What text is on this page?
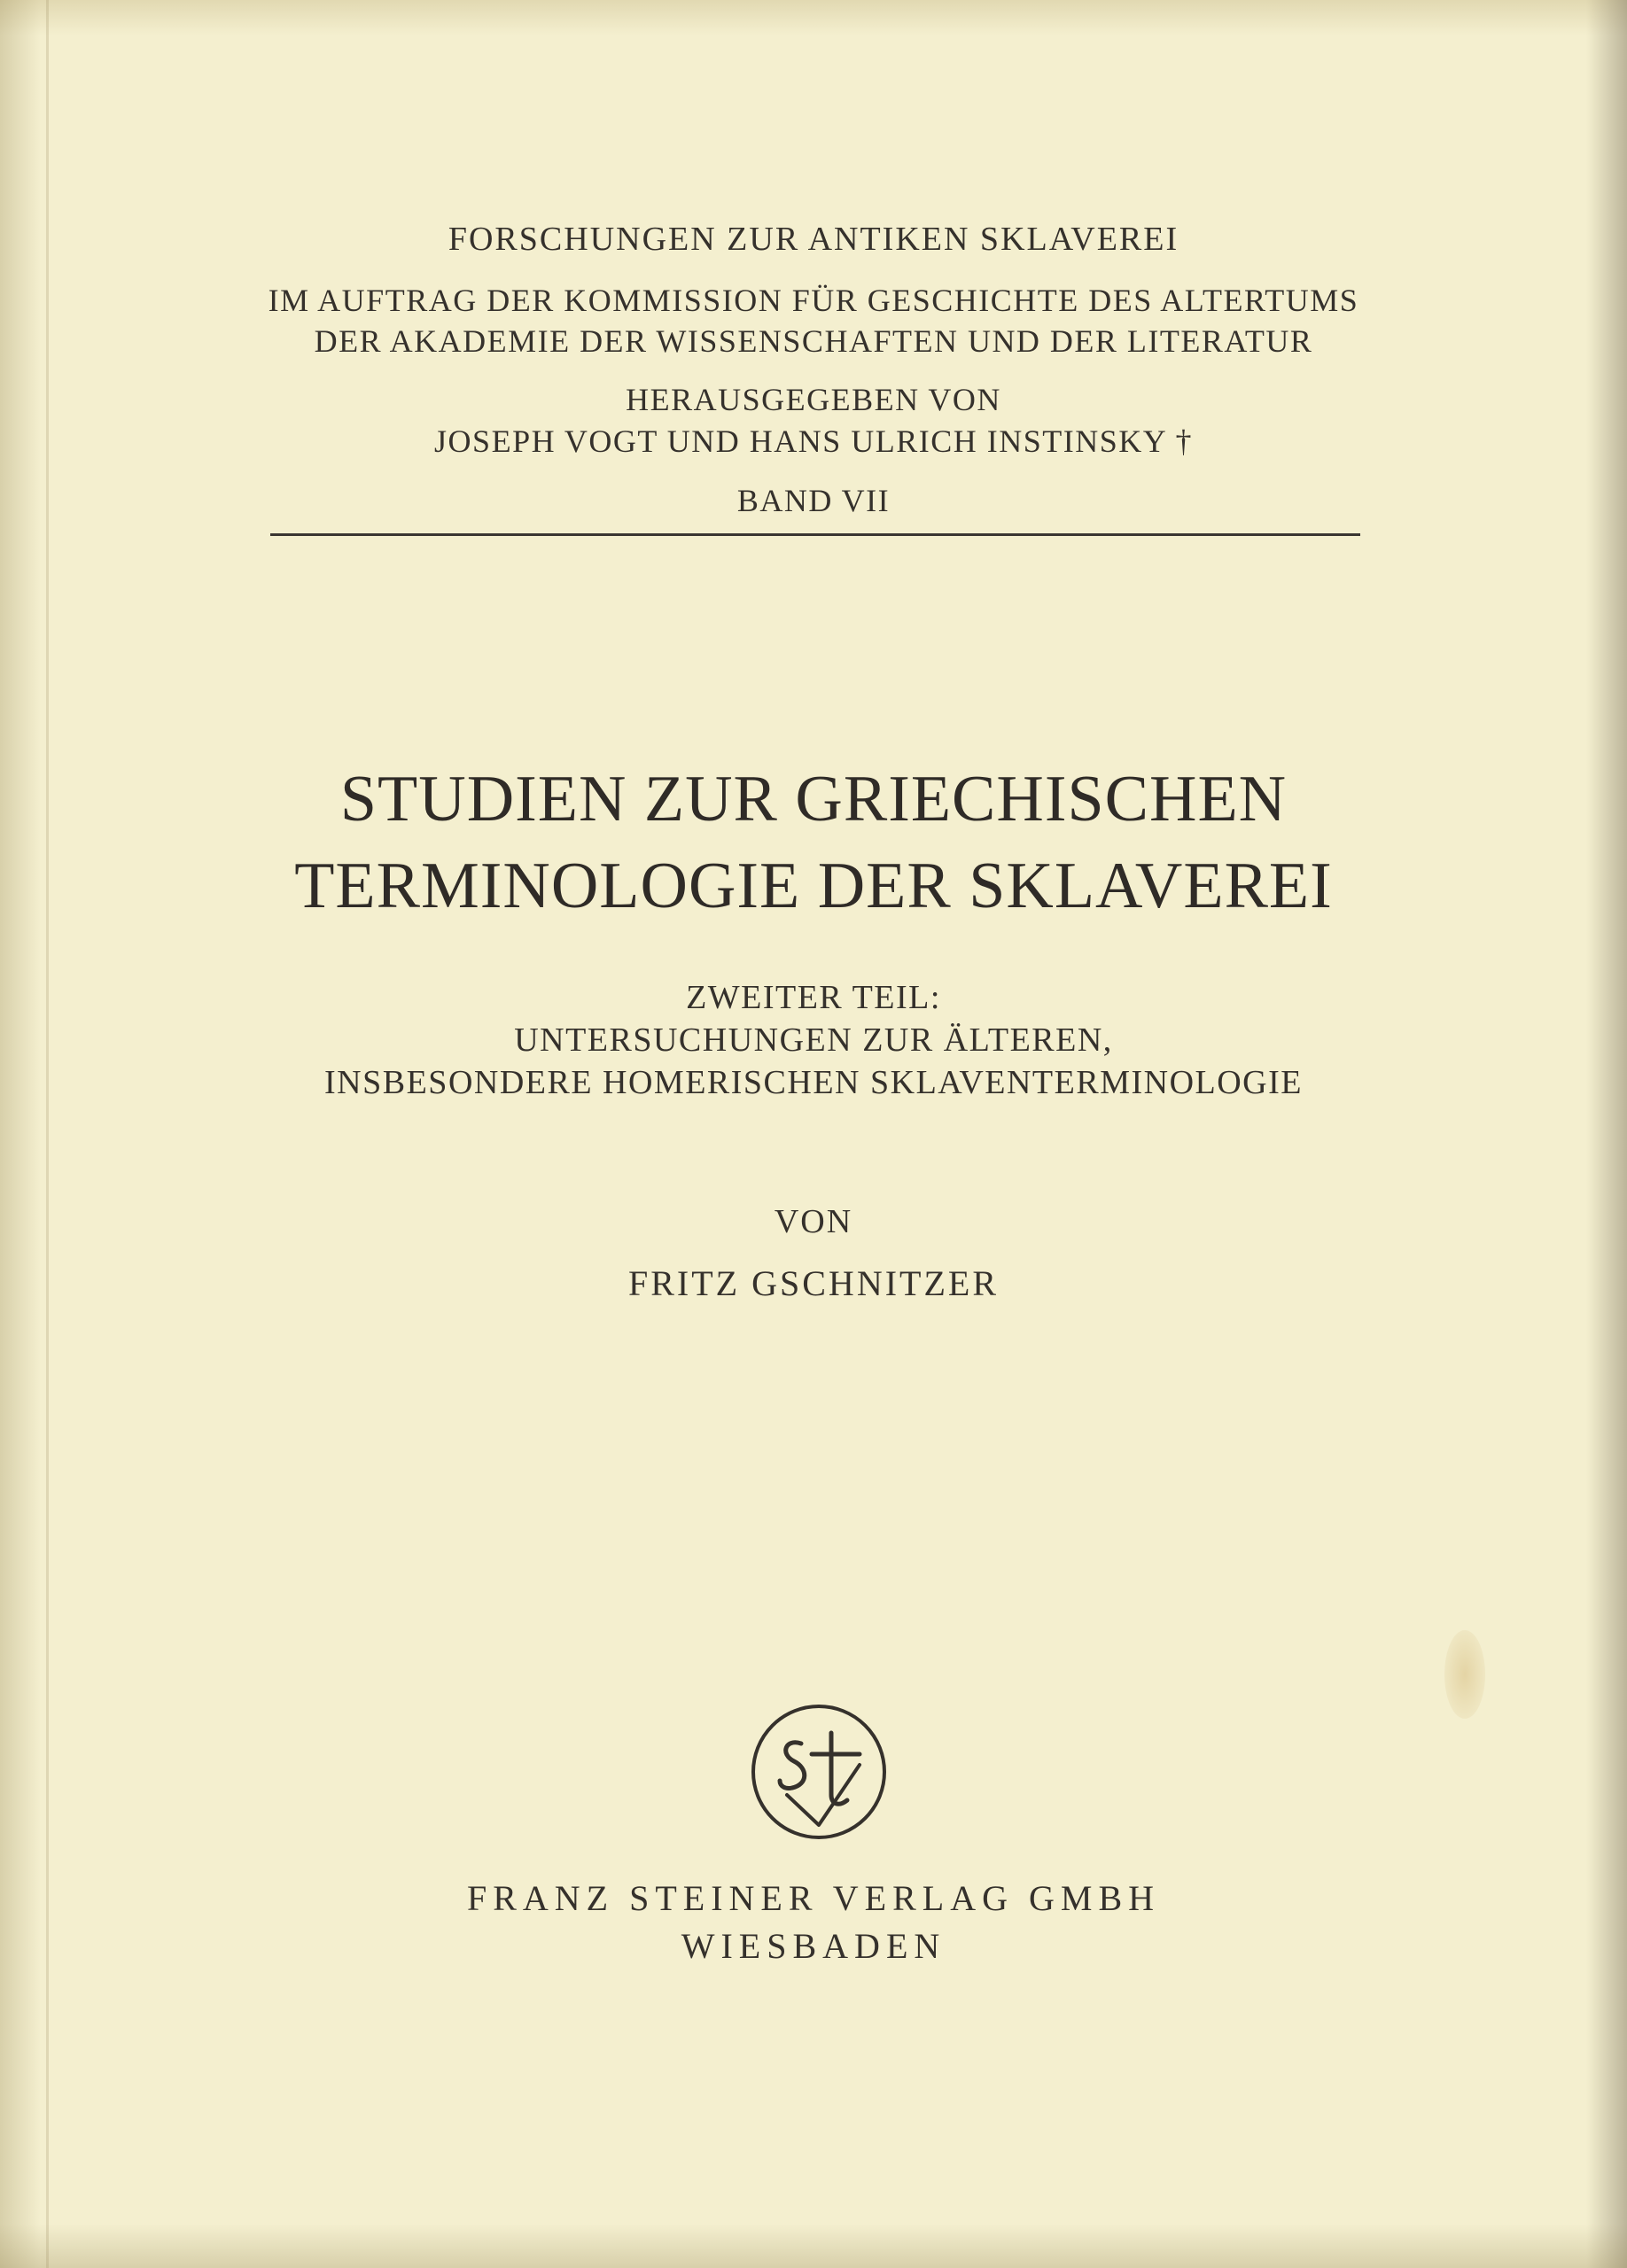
FORSCHUNGEN ZUR ANTIKEN SKLAVEREI

IM AUFTRAG DER KOMMISSION FÜR GESCHICHTE DES ALTERTUMS

DER AKADEMIE DER WISSENSCHAFTEN UND DER LITERATUR

HERAUSGEGEBEN VON

JOSEPH VOGT UND HANS ULRICH INSTINSKY †

BAND VII

STUDIEN ZUR GRIECHISCHEN

TERMINOLOGIE DER SKLAVEREI

ZWEITER TEIL:

UNTERSUCHUNGEN ZUR ÄLTEREN,

INSBESONDERE HOMERISCHEN SKLAVENTERMINOLOGIE

VON

FRITZ GSCHNITZER

FRANZ STEINER VERLAG GMBH

WIESBADEN
